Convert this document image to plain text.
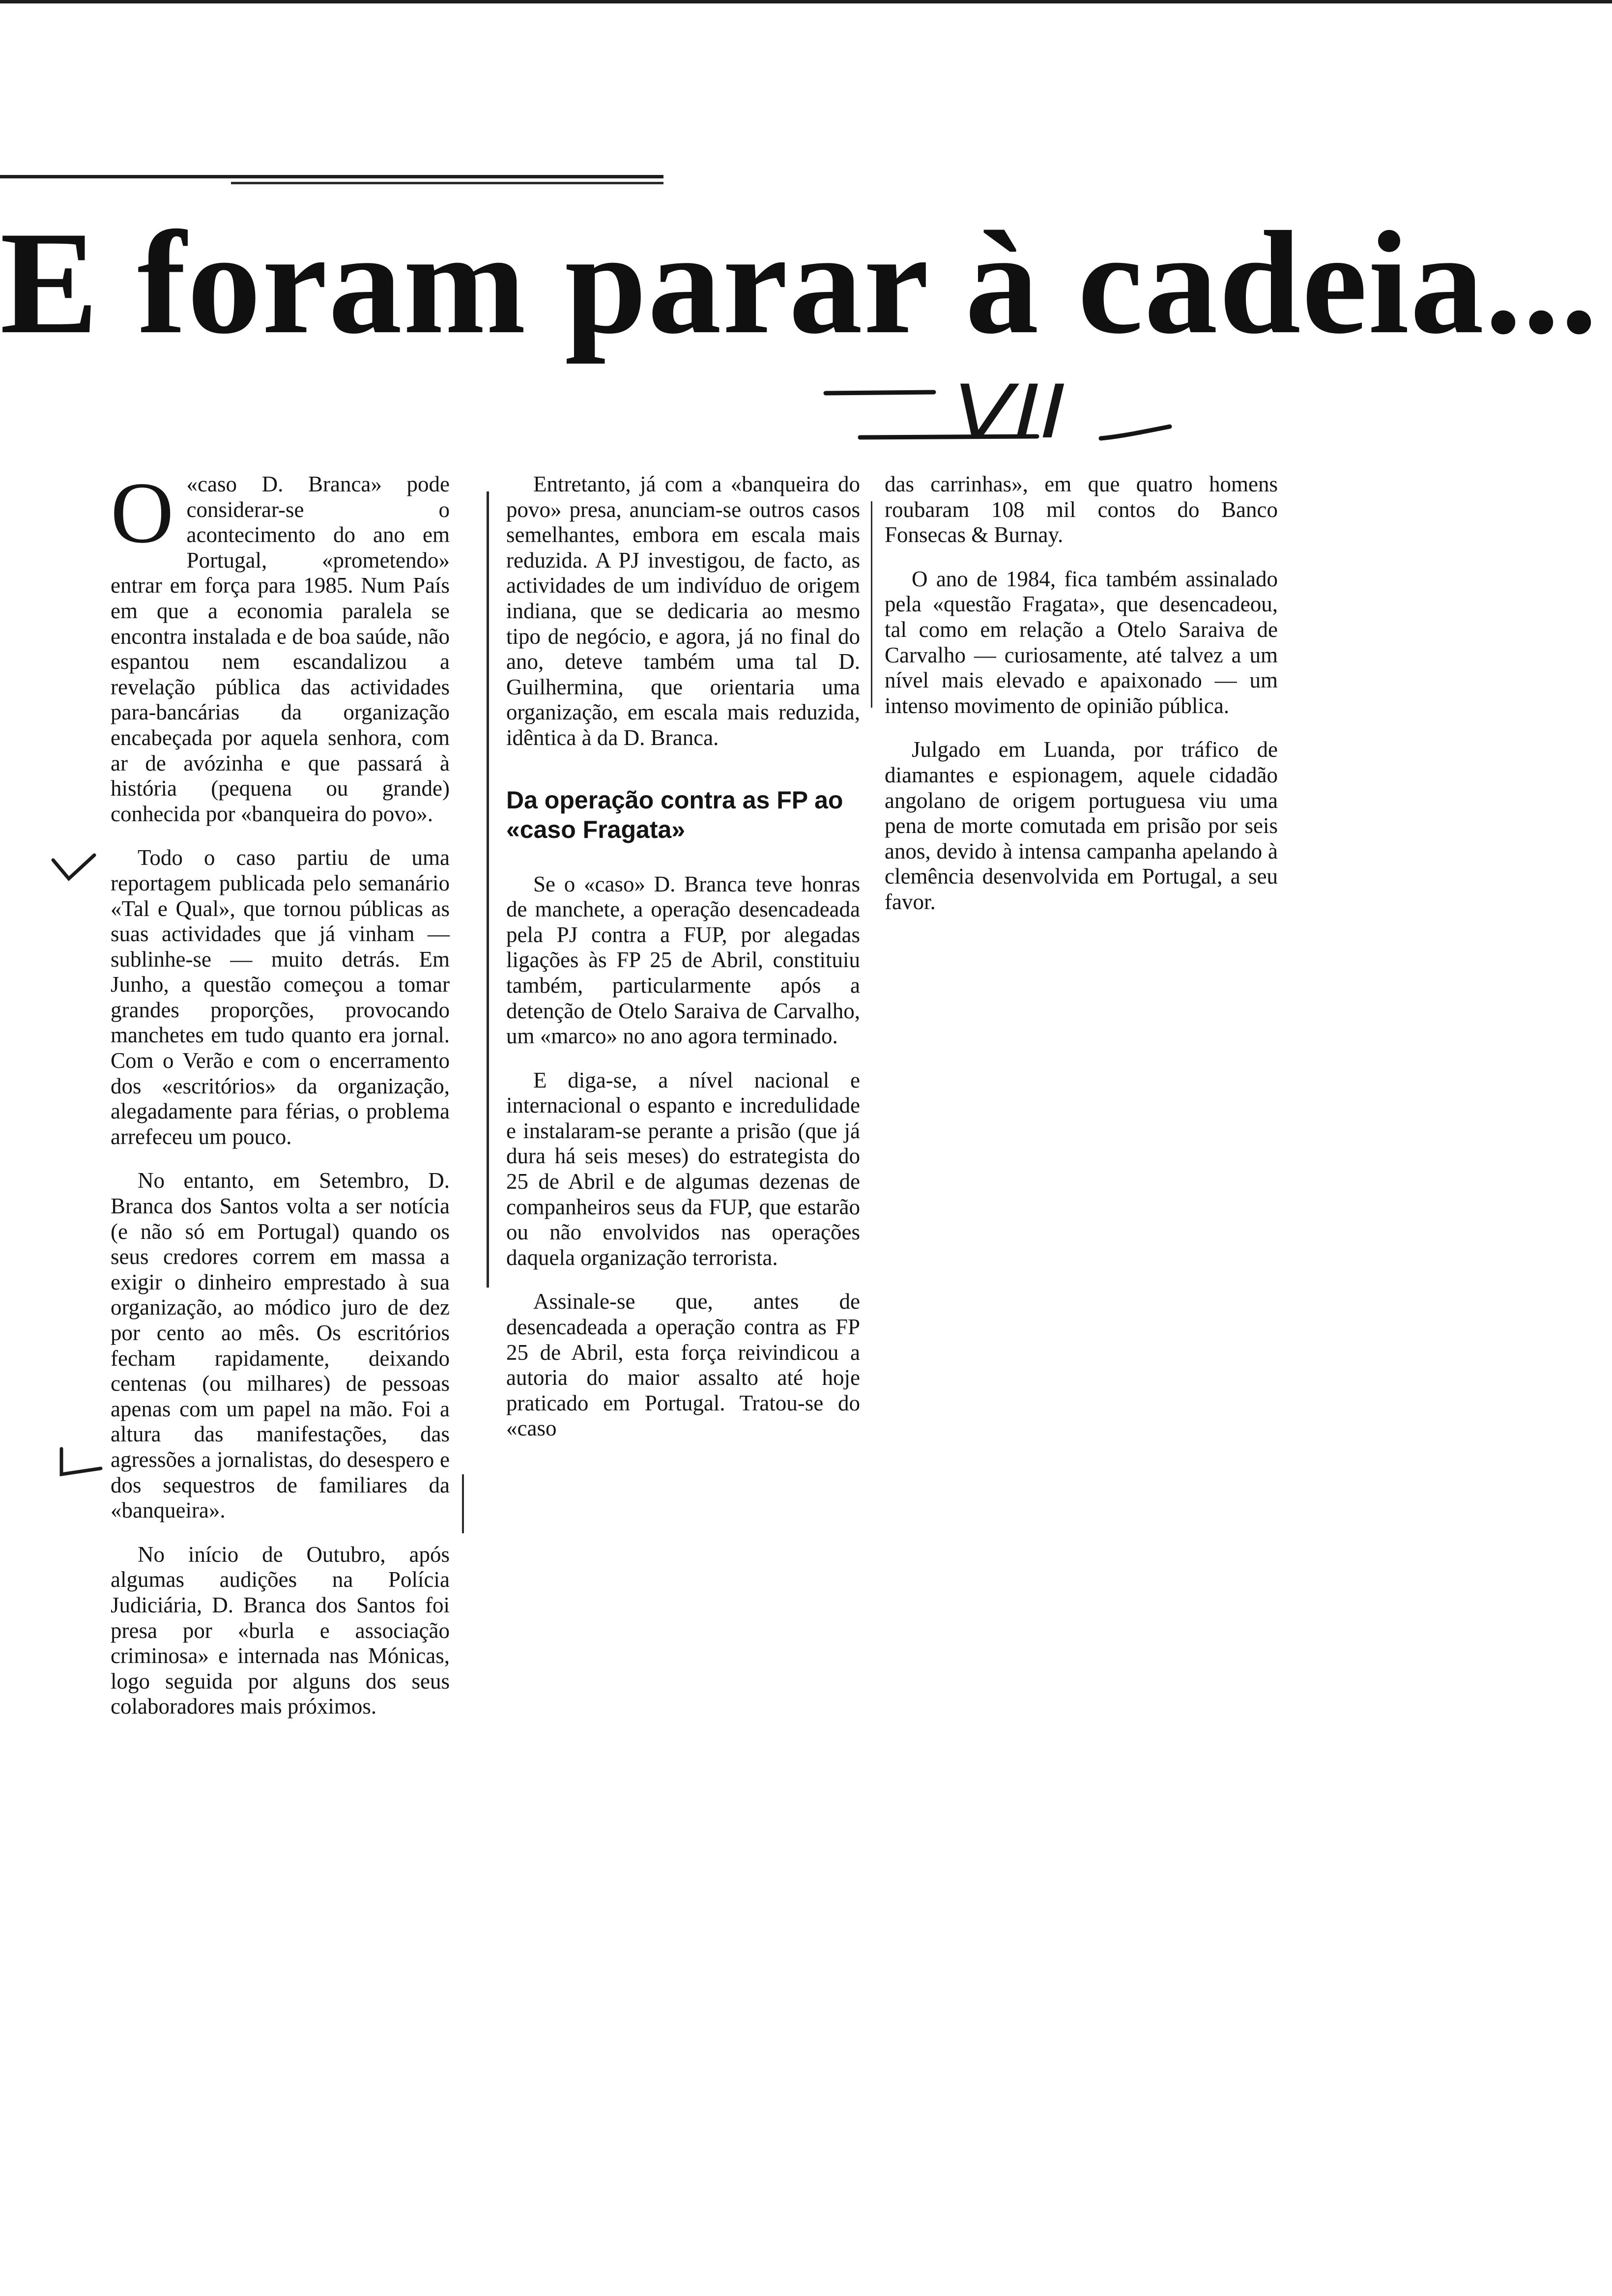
E foram parar à cadeia...
VII

O «caso D. Branca» pode considerar-se o acontecimento do ano em Portugal, «prometendo» entrar em força para 1985. Num País em que a economia paralela se encontra instalada e de boa saúde, não espantou nem escandalizou a revelação pública das actividades para-bancárias da organização encabeçada por aquela senhora, com ar de avózinha e que passará à história (pequena ou grande) conhecida por «banqueira do povo».

Todo o caso partiu de uma reportagem publicada pelo semanário «Tal e Qual», que tornou públicas as suas actividades que já vinham — sublinhe-se — muito detrás. Em Junho, a questão começou a tomar grandes proporções, provocando manchetes em tudo quanto era jornal. Com o Verão e com o encerramento dos «escritórios» da organização, alegadamente para férias, o problema arrefeceu um pouco.

No entanto, em Setembro, D. Branca dos Santos volta a ser notícia (e não só em Portugal) quando os seus credores correm em massa a exigir o dinheiro emprestado à sua organização, ao módico juro de dez por cento ao mês. Os escritórios fecham rapidamente, deixando centenas (ou milhares) de pessoas apenas com um papel na mão. Foi a altura das manifestações, das agressões a jornalistas, do desespero e dos sequestros de familiares da «banqueira».

No início de Outubro, após algumas audições na Polícia Judiciária, D. Branca dos Santos foi presa por «burla e associação criminosa» e internada nas Mónicas, logo seguida por alguns dos seus colaboradores mais próximos.

Entretanto, já com a «banqueira do povo» presa, anunciam-se outros casos semelhantes, embora em escala mais reduzida. A PJ investigou, de facto, as actividades de um indivíduo de origem indiana, que se dedicaria ao mesmo tipo de negócio, e agora, já no final do ano, deteve também uma tal D. Guilhermina, que orientaria uma organização, em escala mais reduzida, idêntica à da D. Branca.

Da operação contra as FP ao «caso Fragata»

Se o «caso» D. Branca teve honras de manchete, a operação desencadeada pela PJ contra a FUP, por alegadas ligações às FP 25 de Abril, constituiu também, particularmente após a detenção de Otelo Saraiva de Carvalho, um «marco» no ano agora terminado.

E diga-se, a nível nacional e internacional o espanto e incredulidade e instalaram-se perante a prisão (que já dura há seis meses) do estrategista do 25 de Abril e de algumas dezenas de companheiros seus da FUP, que estarão ou não envolvidos nas operações daquela organização terrorista.

Assinale-se que, antes de desencadeada a operação contra as FP 25 de Abril, esta força reivindicou a autoria do maior assalto até hoje praticado em Portugal. Tratou-se do «caso

das carrinhas», em que quatro homens roubaram 108 mil contos do Banco Fonsecas & Burnay.

O ano de 1984, fica também assinalado pela «questão Fragata», que desencadeou, tal como em relação a Otelo Saraiva de Carvalho — curiosamente, até talvez a um nível mais elevado e apaixonado — um intenso movimento de opinião pública.

Julgado em Luanda, por tráfico de diamantes e espionagem, aquele cidadão angolano de origem portuguesa viu uma pena de morte comutada em prisão por seis anos, devido à intensa campanha apelando à clemência desenvolvida em Portugal, a seu favor.
